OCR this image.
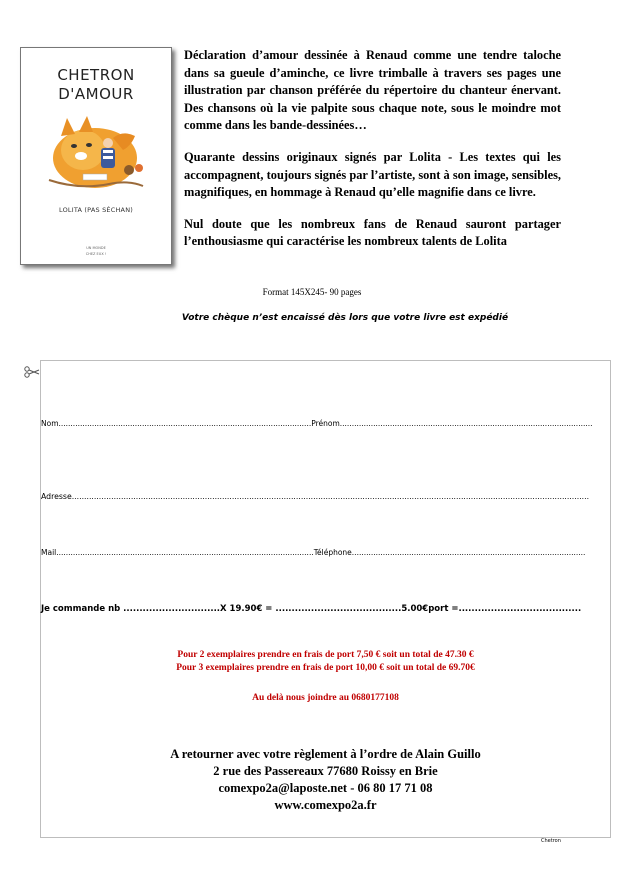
CHETRON
D'AMOUR
LOLITA (PAS SÉCHAN)
UN MONDE
CHEZ EUX !

Déclaration d’amour dessinée à Renaud comme une tendre taloche dans sa gueule d’aminche, ce livre trimballe à travers ses pages une illustration par chanson préférée du répertoire du chanteur énervant. Des chansons où la vie palpite sous chaque note, sous le moindre mot comme dans les bande-dessinées…

Quarante dessins originaux signés par Lolita - Les textes qui les accompagnent, toujours signés par l’artiste, sont à son image, sensibles, magnifiques, en hommage à Renaud qu’elle magnifie dans ce livre.

Nul doute que les nombreux fans de Renaud sauront partager l’enthousiasme qui caractérise les nombreux talents de Lolita

Format 145X245- 90 pages
Votre chèque n’est encaissé dès lors que votre livre est expédié
Nom..........................................................................................................Prénom..........................................................................................................
Adresse..................................................................................................................................................................................................................
Mail............................................................................................................Téléphone..................................................................................................
Je commande nb ..............................X 19.90€ = .......................................5.00€port =......................................
Pour 2 exemplaires prendre en frais de port 7,50 € soit un total de 47.30 €
Pour 3 exemplaires prendre en frais de port 10,00 € soit un total de 69.70€
Au delà nous joindre au 0680177108
A retourner avec votre règlement à l’ordre de Alain Guillo
2 rue des Passereaux 77680 Roissy en Brie
comexpo2a@laposte.net - 06 80 17 71 08
www.comexpo2a.fr
Chetron
